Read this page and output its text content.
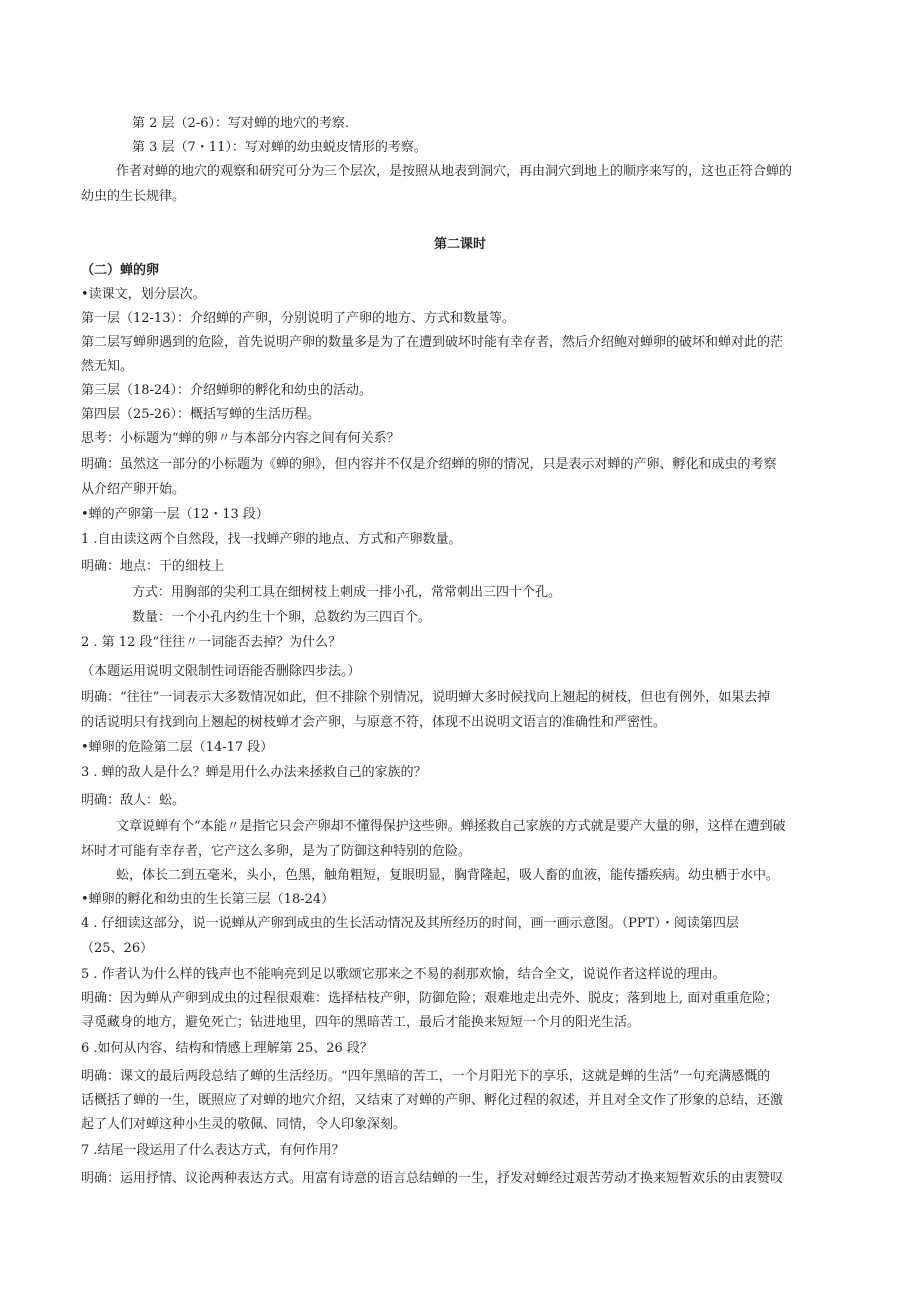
第 2 层（2-6）：写对蝉的地穴的考察.
第 3 层（7・11）：写对蝉的幼虫蜕皮情形的考察。
作者对蝉的地穴的观察和研究可分为三个层次，是按照从地表到洞穴，再由洞穴到地上的顺序来写的，这也正符合蝉的
幼虫的生长规律。
第二课时
（二）蝉的卵
•读课文，划分层次。
第一层（12-13）：介绍蝉的产卵，分别说明了产卵的地方、方式和数量等。
第二层写蝉卵遇到的危险，首先说明产卵的数量多是为了在遭到破坏时能有幸存者，然后介绍鲍对蝉卵的破坏和蝉对此的茫
然无知。
第三层（18-24）：介绍蝉卵的孵化和幼虫的活动。
第四层（25-26）：概括写蝉的生活历程。
思考：小标题为“蝉的卵〃与本部分内容之间有何关系？
明确：虽然这一部分的小标题为《蝉的卵》，但内容并不仅是介绍蝉的卵的情况，只是表示对蝉的产卵、孵化和成虫的考察
从介绍产卵开始。
•蝉的产卵第一层（12・13 段）
1 .自由读这两个自然段，找一找蝉产卵的地点、方式和产卵数量。
明确：地点：干的细枝上
方式：用胸部的尖利工具在细树枝上刺成一排小孔，常常刺出三四十个孔。
数量：一个小孔内约生十个卵，总数约为三四百个。
2 . 第 12 段“往往〃一词能否去掉？为什么？
（本题运用说明文限制性词语能否删除四步法。）
明确：“往往”一词表示大多数情况如此，但不排除个别情况，说明蝉大多时候找向上翘起的树枝，但也有例外，如果去掉
的话说明只有找到向上翘起的树枝蝉才会产卵，与原意不符，体现不出说明文语言的准确性和严密性。
•蝉卵的危险第二层（14-17 段）
3 . 蝉的敌人是什么？蝉是用什么办法来拯救自己的家族的？
明确：敌人：蚣。
文章说蝉有个“本能〃是指它只会产卵却不懂得保护这些卵。蝉拯救自己家族的方式就是要产大量的卵，这样在遭到破
坏时才可能有幸存者，它产这么多卵，是为了防御这种特别的危险。
蚣，体长二到五毫米，头小，色黑，触角粗短，复眼明显，胸背隆起，吸人畜的血液，能传播疾病。幼虫栖于水中。
•蝉卵的孵化和幼虫的生长第三层（18-24）
4 . 仔细读这部分，说一说蝉从产卵到成虫的生长活动情况及其所经历的时间，画一画示意图。（PPT）・阅读第四层
（25、26）
5 . 作者认为什么样的钱声也不能响亮到足以歌颂它那来之不易的刹那欢愉，结合全文，说说作者这样说的理由。
明确：因为蝉从产卵到成虫的过程很艰难：选择枯枝产卵，防御危险；艰难地走出壳外、脱皮；落到地上, 面对重重危险；
寻觅藏身的地方，避免死亡；钻进地里，四年的黑暗苦工，最后才能换来短短一个月的阳光生活。
6 .如何从内容、结构和情感上理解第 25、26 段？
明确：课文的最后两段总结了蝉的生活经历。“四年黑暗的苦工，一个月阳光下的享乐，这就是蝉的生活”一句充满感慨的
话概括了蝉的一生，既照应了对蝉的地穴介绍，又结束了对蝉的产卵、孵化过程的叙述，并且对全文作了形象的总结，还激
起了人们对蝉这种小生灵的敬佩、同情，令人印象深刻。
7 .结尾一段运用了什么表达方式，有何作用？
明确：运用抒情、议论两种表达方式。用富有诗意的语言总结蝉的一生，抒发对蝉经过艰苦劳动才换来短暂欢乐的由衷赞叹
